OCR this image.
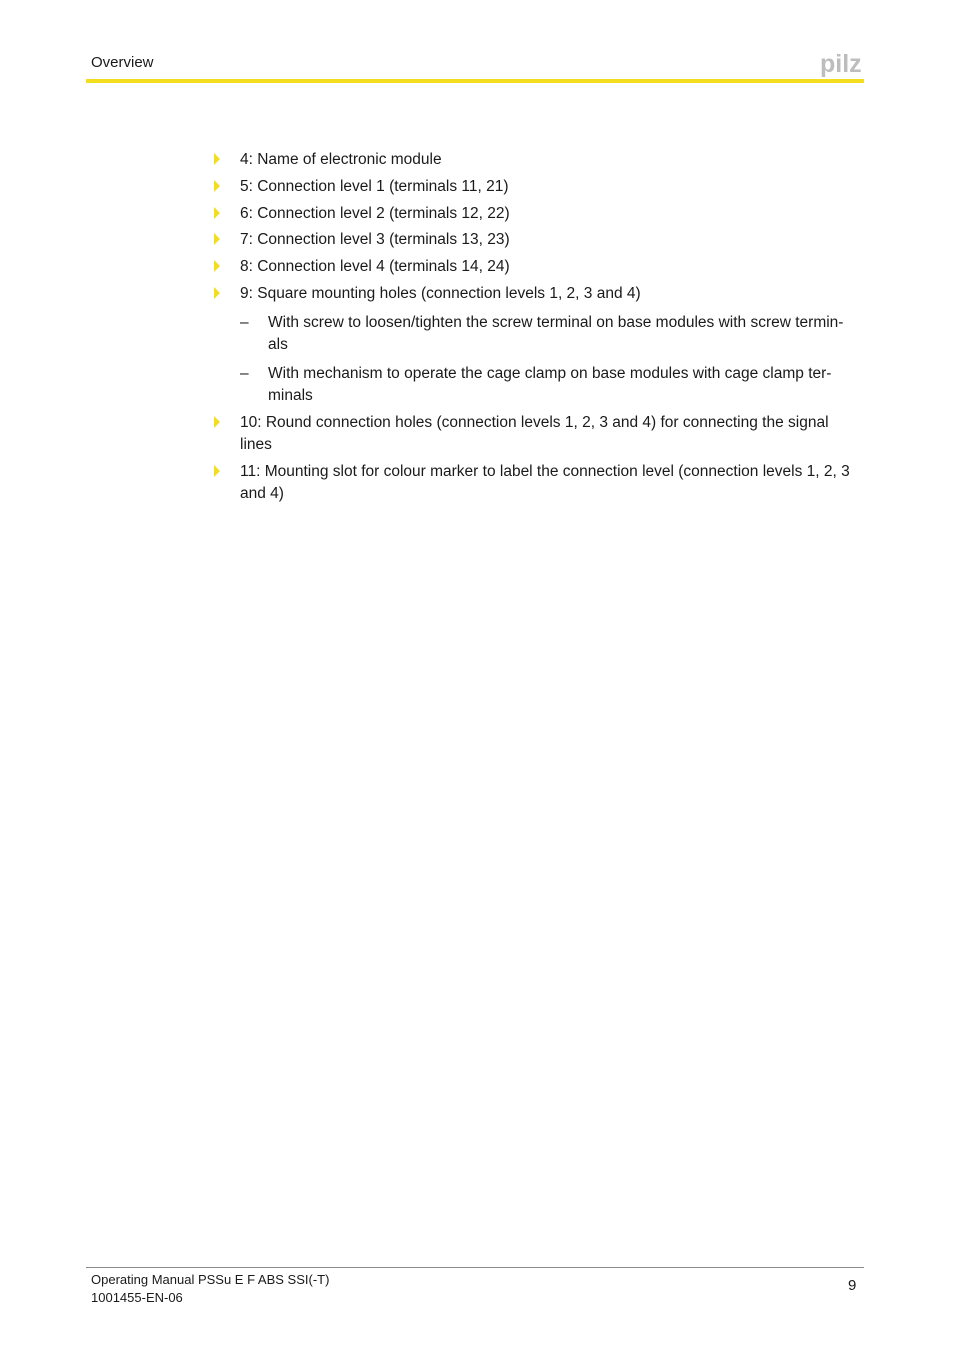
Overview	pilz
4: Name of electronic module
5: Connection level 1 (terminals 11, 21)
6: Connection level 2 (terminals 12, 22)
7: Connection level 3 (terminals 13, 23)
8: Connection level 4 (terminals 14, 24)
9: Square mounting holes (connection levels 1, 2, 3 and 4)
– With screw to loosen/tighten the screw terminal on base modules with screw termin-
als
– With mechanism to operate the cage clamp on base modules with cage clamp ter-
minals
10: Round connection holes (connection levels 1, 2, 3 and 4) for connecting the signal lines
11: Mounting slot for colour marker to label the connection level (connection levels 1, 2, 3 and 4)
Operating Manual PSSu E F ABS SSI(-T)
1001455-EN-06
9
